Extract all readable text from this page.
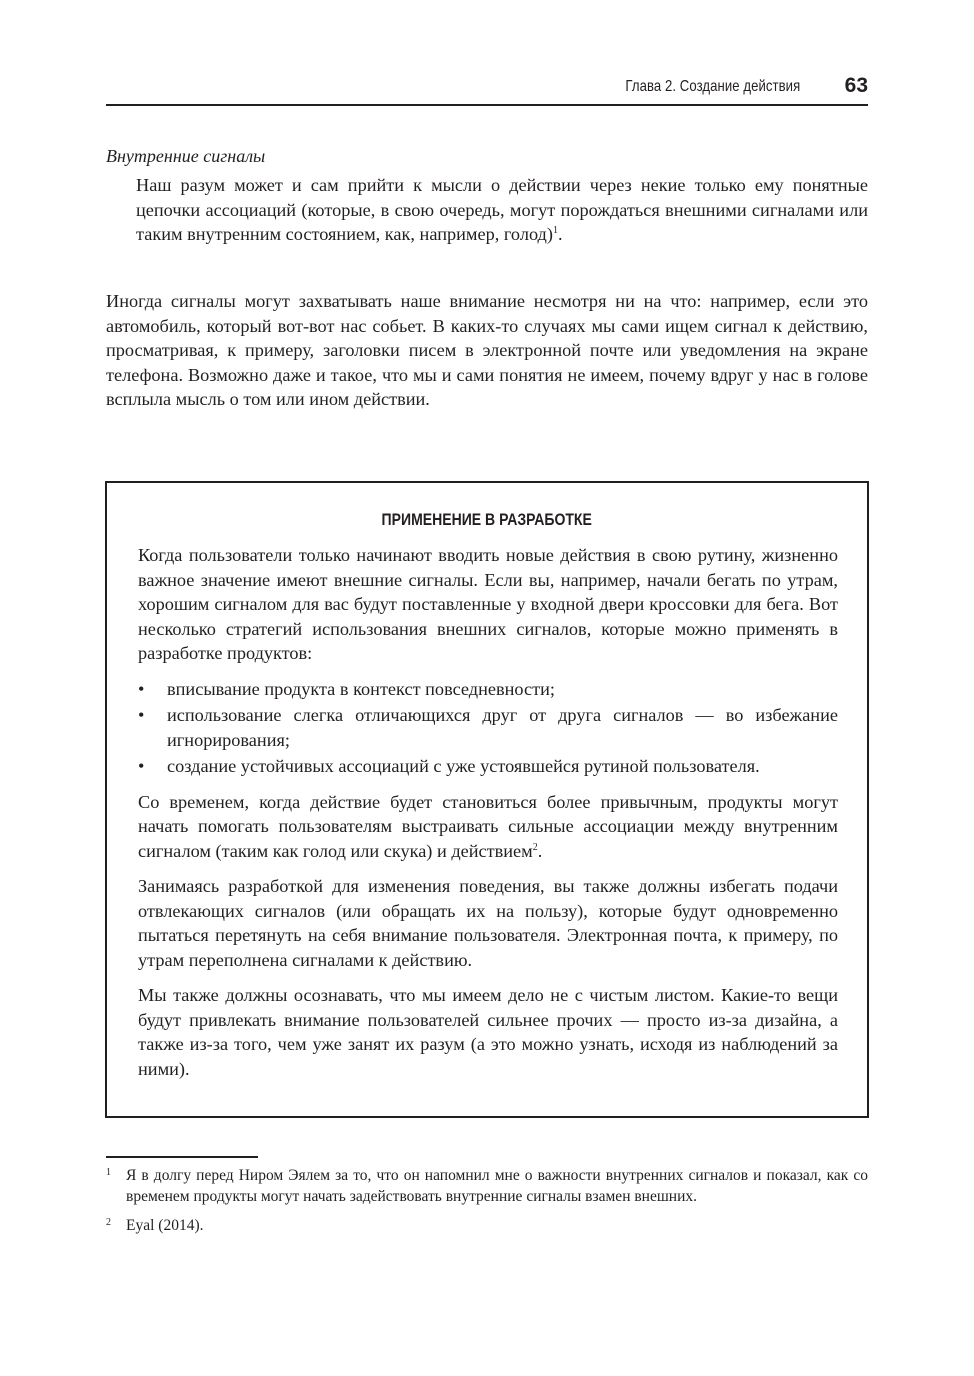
Глава 2. Создание действия 63
Внутренние сигналы

Наш разум может и сам прийти к мысли о действии через некие только ему понятные цепочки ассоциаций (которые, в свою очередь, могут порождаться внешними сигналами или таким внутренним состоянием, как, например, голод)$^1$.

Иногда сигналы могут захватывать наше внимание несмотря ни на что: например, если это автомобиль, который вот-вот нас собьет. В каких-то случаях мы сами ищем сигнал к действию, просматривая, к примеру, заголовки писем в электронной почте или уведомления на экране телефона. Возможно даже и такое, что мы и сами понятия не имеем, почему вдруг у нас в голове всплыла мысль о том или ином действии.

ПРИМЕНЕНИЕ В РАЗРАБОТКЕ

Когда пользователи только начинают вводить новые действия в свою рутину, жизненно важное значение имеют внешние сигналы. Если вы, например, начали бегать по утрам, хорошим сигналом для вас будут поставленные у входной двери кроссовки для бега. Вот несколько стратегий использования внешних сигналов, которые можно применять в разработке продуктов:

• вписывание продукта в контекст повседневности;
• использование слегка отличающихся друг от друга сигналов — во избежание игнорирования;
• создание устойчивых ассоциаций с уже устоявшейся рутиной пользователя.

Со временем, когда действие будет становиться более привычным, продукты могут начать помогать пользователям выстраивать сильные ассоциации между внутренним сигналом (таким как голод или скука) и действием$^2$.

Занимаясь разработкой для изменения поведения, вы также должны избегать подачи отвлекающих сигналов (или обращать их на пользу), которые будут одновременно пытаться перетянуть на себя внимание пользователя. Электронная почта, к примеру, по утрам переполнена сигналами к действию.

Мы также должны осознавать, что мы имеем дело не с чистым листом. Какие-то вещи будут привлекать внимание пользователей сильнее прочих — просто из-за дизайна, а также из-за того, чем уже занят их разум (а это можно узнать, исходя из наблюдений за ними).

1 Я в долгу перед Ниром Эялем за то, что он напомнил мне о важности внутренних сигналов и показал, как со временем продукты могут начать задействовать внутренние сигналы взамен внешних.
2 Eyal (2014).
